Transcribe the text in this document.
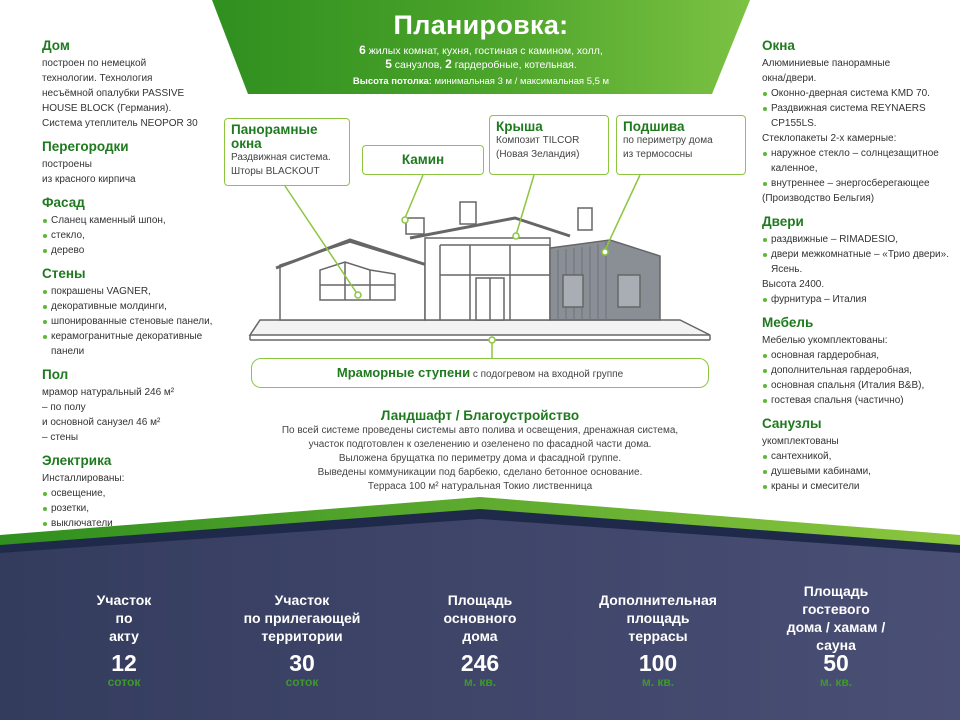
Планировка:
6 жилых комнат, кухня, гостиная с камином, холл,
5 санузлов, 2 гардеробные, котельная.
Высота потолка: минимальная 3 м / максимальная 5,5 м
Дом
построен по немецкой
технологии. Технология
несъёмной опалубки PASSIVE
HOUSE BLOCK (Германия).
Система утеплитель NEOPOR 30
Перегородки
построены
из красного кирпича
Фасад
Сланец каменный шпон,
стекло,
дерево
Стены
покрашены VAGNER,
декоративные молдинги,
шпонированные стеновые панели,
керамогранитные декоративные панели
Пол
мрамор натуральный 246 м²
– по полу
и основной санузел 46 м²
– стены
Электрика
Инсталлированы:
освещение,
розетки,
выключатели
Окна
Алюминиевые панорамные
окна/двери.
Оконно-дверная система KMD 70.
Раздвижная система REYNAERS CP155LS.
Стеклопакеты 2-х камерные:
наружное стекло – солнцезащитное каленное,
внутреннее – энергосберегающее
(Производство Бельгия)
Двери
раздвижные – RIMADESIO,
двери межкомнатные – «Трио двери». Ясень.
Высота 2400.
фурнитура – Италия
Мебель
Мебелью укомплектованы:
основная гардеробная,
дополнительная гардеробная,
основная спальня (Италия B&B),
гостевая спальня (частично)
Санузлы
укомплектованы
сантехникой,
душевыми кабинами,
краны и смесители
Панорамные окна
Раздвижная система.
Шторы BLACKOUT
Камин
Крыша
Композит TILCOR
(Новая Зеландия)
Подшива
по периметру дома
из термососны
Мраморные ступени с подогревом на входной группе
Ландшафт / Благоустройство
По всей системе проведены системы авто полива и освещения, дренажная система,
участок подготовлен к озеленению и озеленено по фасадной части дома.
Выложена брущатка по периметру дома и фасадной группе.
Выведены коммуникации под барбекю, сделано бетонное основание.
Терраса 100 м² натуральная Токио лиственница
Участок
по
акту
12
соток
Участок
по прилегающей
территории
30
соток
Площадь
основного
дома
246
м. кв.
Дополнительная
площадь
террасы
100
м. кв.
Площадь
гостевого
дома / хамам / сауна
50
м. кв.
